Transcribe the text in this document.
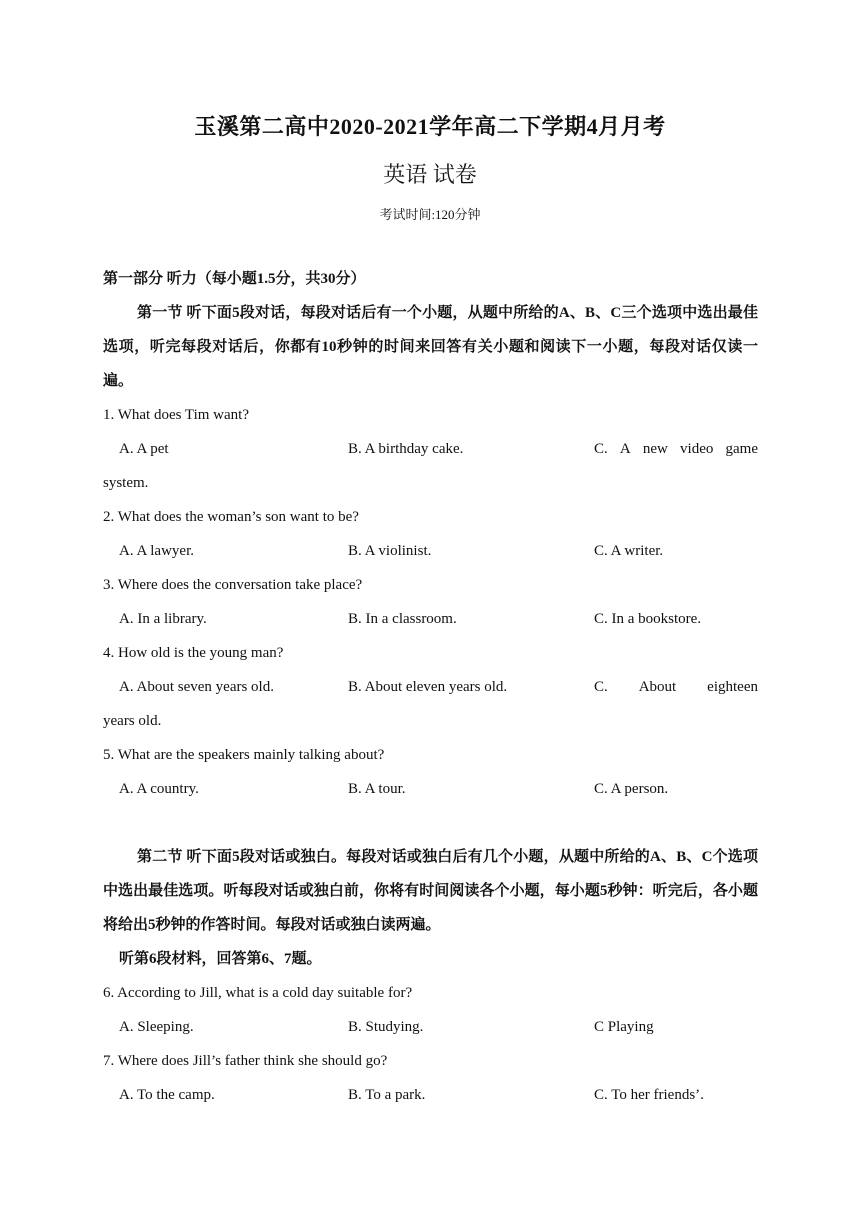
玉溪第二高中2020-2021学年高二下学期4月月考
英语 试卷
考试时间:120分钟

第一部分 听力（每小题1.5分，共30分）

第一节 听下面5段对话，每段对话后有一个小题，从题中所给的A、B、C三个选项中选出最佳选项，听完每段对话后，你都有10秒钟的时间来回答有关小题和阅读下一小题，每段对话仅读一遍。

1. What does Tim want?

A. A pet	B. A birthday cake.	C. A new video game

system.

2. What does the woman’s son want to be?

A. A lawyer.	B. A violinist.	C. A writer.

3. Where does the conversation take place?

A. In a library.	B. In a classroom.	C. In a bookstore.

4. How old is the young man?

A. About seven years old.	B. About eleven years old.	C. About eighteen

years old.

5. What are the speakers mainly talking about?

A. A country.	B. A tour.	C. A person.

第二节 听下面5段对话或独白。每段对话或独白后有几个小题，从题中所给的A、B、C个选项中选出最佳选项。听每段对话或独白前，你将有时间阅读各个小题，每小题5秒钟：听完后，各小题将给出5秒钟的作答时间。每段对话或独白读两遍。

听第6段材料，回答第6、7题。

6. According to Jill, what is a cold day suitable for?

A. Sleeping.	B. Studying.	C Playing

7. Where does Jill’s father think she should go?

A. To the camp.	B. To a park.	C. To her friends’.
